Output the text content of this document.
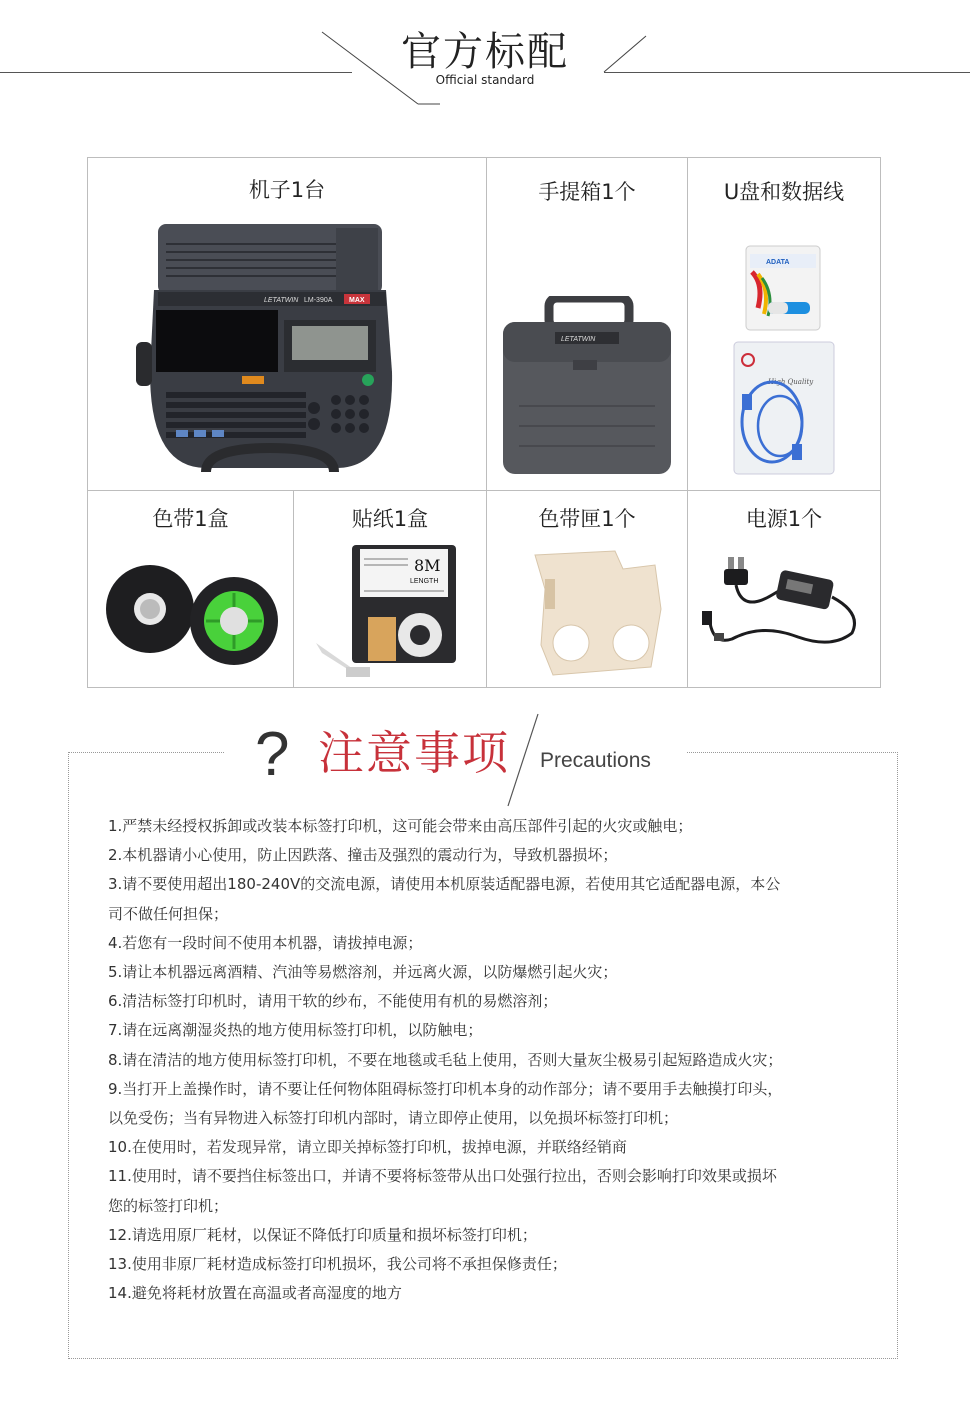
官方标配
Official standard
机子1台
LETATWIN LM-390A MAX
手提箱1个
LETATWIN
U盘和数据线
ADATA
High Quality
色带1盒	贴纸1盒
8M
LENGTH
色带匣1个	电源1个
? 注意事项 Precautions

1.严禁未经授权拆卸或改装本标签打印机，这可能会带来由高压部件引起的火灾或触电；

2.本机器请小心使用，防止因跌落、撞击及强烈的震动行为，导致机器损坏；

3.请不要使用超出180-240V的交流电源，请使用本机原装适配器电源，若使用其它适配器电源，本公

司不做任何担保；

4.若您有一段时间不使用本机器，请拔掉电源；

5.请让本机器远离酒精、汽油等易燃溶剂，并远离火源，以防爆燃引起火灾；

6.清洁标签打印机时，请用干软的纱布，不能使用有机的易燃溶剂；

7.请在远离潮湿炎热的地方使用标签打印机，以防触电；

8.请在清洁的地方使用标签打印机，不要在地毯或毛毡上使用，否则大量灰尘极易引起短路造成火灾；

9.当打开上盖操作时，请不要让任何物体阻碍标签打印机本身的动作部分；请不要用手去触摸打印头，

以免受伤；当有异物进入标签打印机内部时，请立即停止使用，以免损坏标签打印机；

10.在使用时，若发现异常，请立即关掉标签打印机，拔掉电源，并联络经销商

11.使用时，请不要挡住标签出口，并请不要将标签带从出口处强行拉出，否则会影响打印效果或损坏

您的标签打印机；

12.请选用原厂耗材，以保证不降低打印质量和损坏标签打印机；

13.使用非原厂耗材造成标签打印机损坏，我公司将不承担保修责任；

14.避免将耗材放置在高温或者高湿度的地方
